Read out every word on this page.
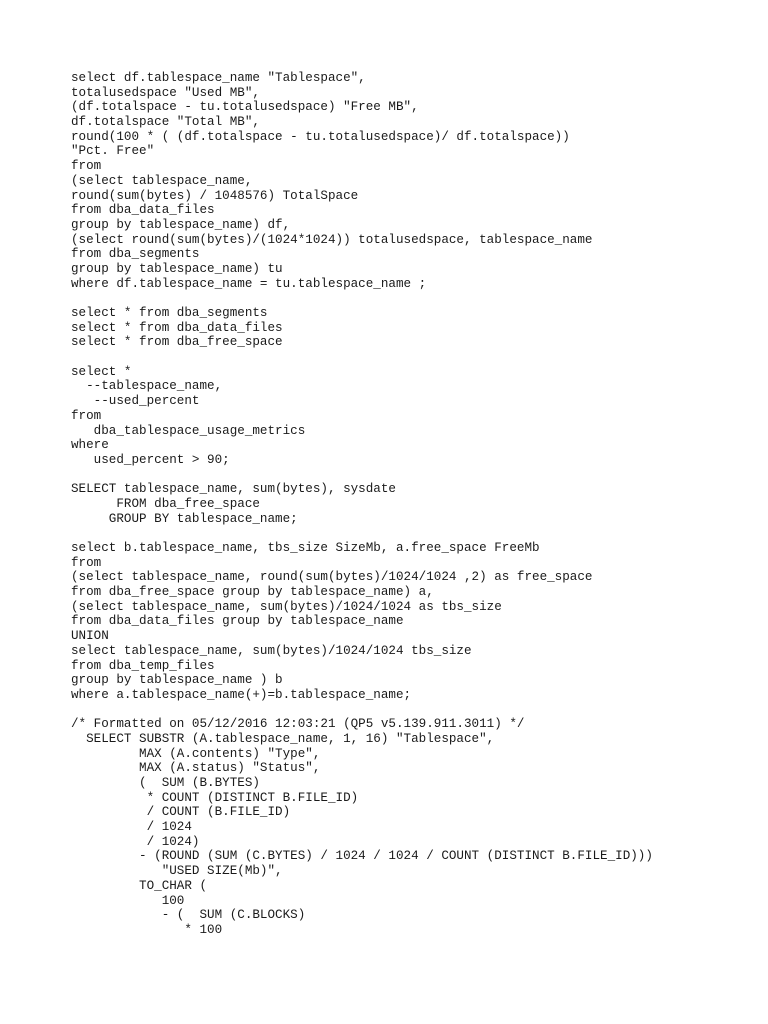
select df.tablespace_name "Tablespace",
totalusedspace "Used MB",
(df.totalspace - tu.totalusedspace) "Free MB",
df.totalspace "Total MB",
round(100 * ( (df.totalspace - tu.totalusedspace)/ df.totalspace))
"Pct. Free"
from
(select tablespace_name,
round(sum(bytes) / 1048576) TotalSpace
from dba_data_files
group by tablespace_name) df,
(select round(sum(bytes)/(1024*1024)) totalusedspace, tablespace_name
from dba_segments
group by tablespace_name) tu
where df.tablespace_name = tu.tablespace_name ;
select * from dba_segments
select * from dba_data_files
select * from dba_free_space
select *
--tablespace_name,
--used_percent
from
dba_tablespace_usage_metrics
where
used_percent > 90;
SELECT tablespace_name, sum(bytes), sysdate
FROM dba_free_space
GROUP BY tablespace_name;
select b.tablespace_name, tbs_size SizeMb, a.free_space FreeMb
from
(select tablespace_name, round(sum(bytes)/1024/1024 ,2) as free_space
from dba_free_space group by tablespace_name) a,
(select tablespace_name, sum(bytes)/1024/1024 as tbs_size
from dba_data_files group by tablespace_name
UNION
select tablespace_name, sum(bytes)/1024/1024 tbs_size
from dba_temp_files
group by tablespace_name ) b
where a.tablespace_name(+)=b.tablespace_name;
/* Formatted on 05/12/2016 12:03:21 (QP5 v5.139.911.3011) */
SELECT SUBSTR (A.tablespace_name, 1, 16) "Tablespace",
MAX (A.contents) "Type",
MAX (A.status) "Status",
(  SUM (B.BYTES)
* COUNT (DISTINCT B.FILE_ID)
/ COUNT (B.FILE_ID)
/ 1024
/ 1024)
- (ROUND (SUM (C.BYTES) / 1024 / 1024 / COUNT (DISTINCT B.FILE_ID)))
"USED SIZE(Mb)",
TO_CHAR (
100
- (  SUM (C.BLOCKS)
* 100
